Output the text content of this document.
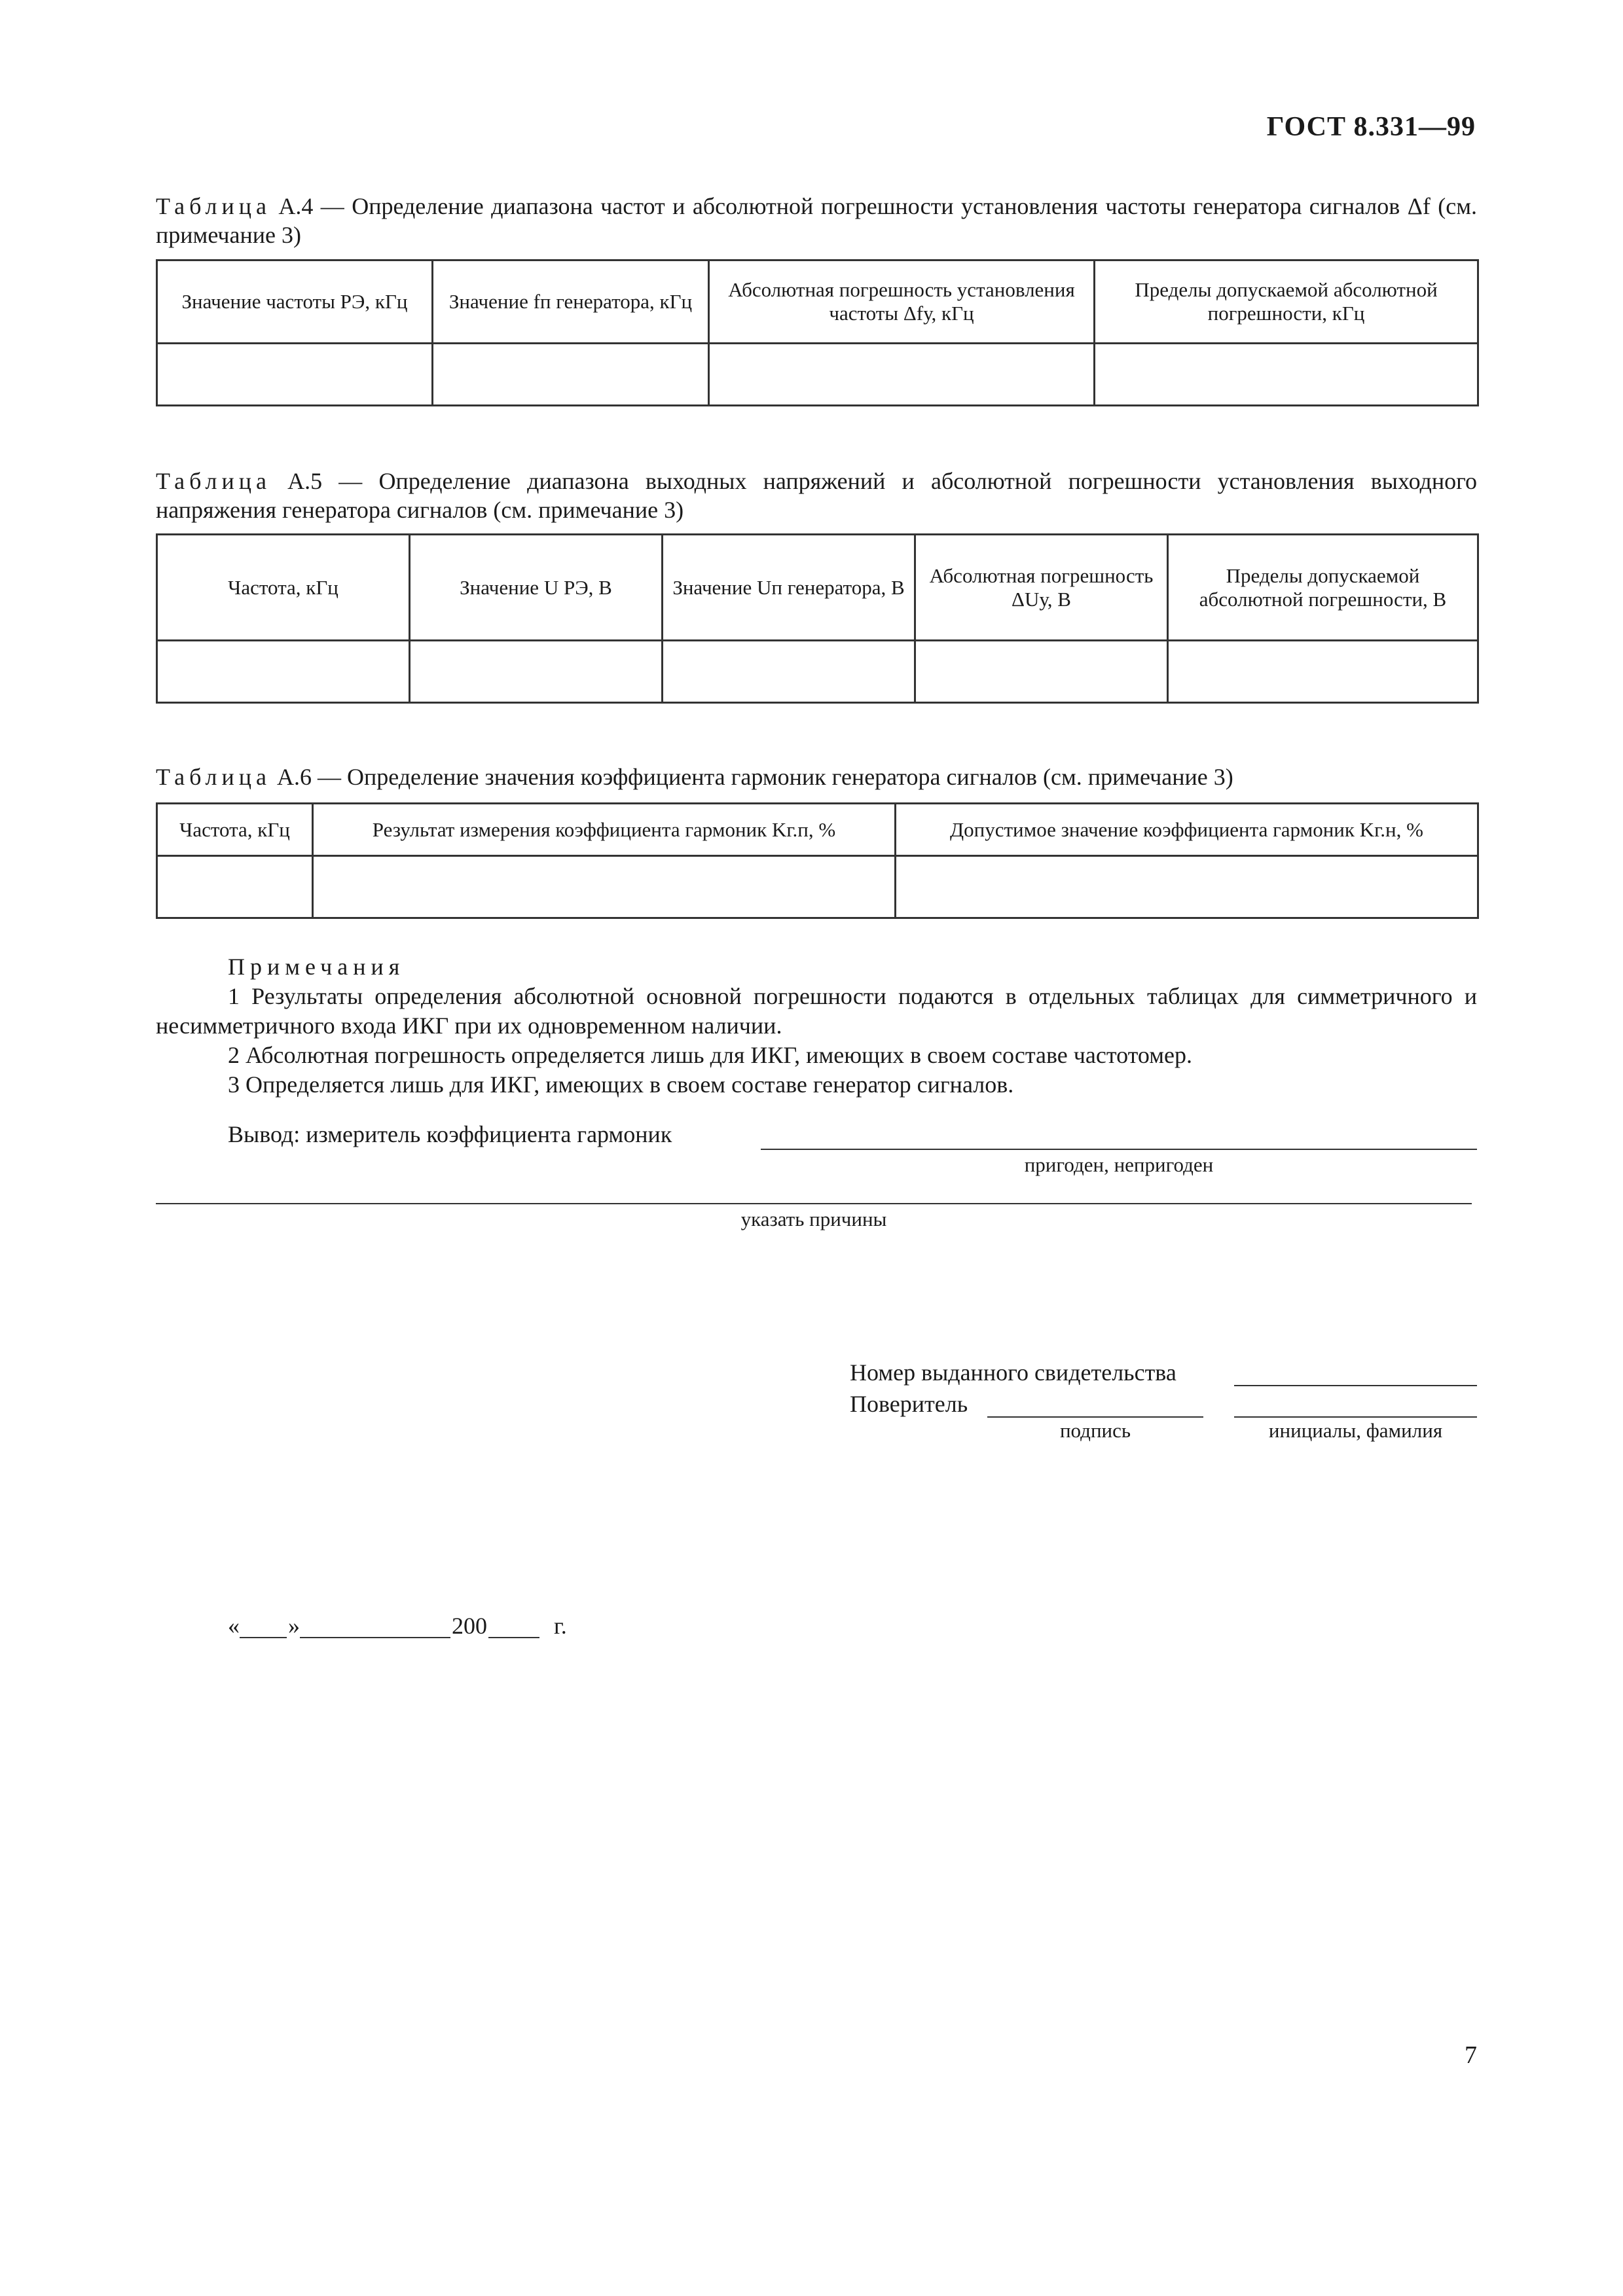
ГОСТ 8.331—99
Таблица А.4 — Определение диапазона частот и абсолютной погрешности установления частоты генератора сигналов Δf (см. примечание 3)
Значение частоты РЭ, кГц	Значение fп генератора, кГц	Абсолютная погрешность установления частоты Δfу, кГц	Пределы допускаемой абсолютной погрешности, кГц

Таблица А.5 — Определение диапазона выходных напряжений и абсолютной погрешности установления выходного напряжения генератора сигналов (см. примечание 3)
Частота, кГц	Значение U РЭ, В	Значение Uп генератора, В	Абсолютная погрешность ΔUу, В	Пределы допускаемой абсолютной погрешности, В

Таблица А.6 — Определение значения коэффициента гармоник генератора сигналов (см. примечание 3)
Частота, кГц	Результат измерения коэффициента гармоник Kг.п, %	Допустимое значение коэффициента гармоник Kг.н, %

Примечания

1 Результаты определения абсолютной основной погрешности подаются в отдельных таблицах для симметричного и несимметричного входа ИКГ при их одновременном наличии.

2 Абсолютная погрешность определяется лишь для ИКГ, имеющих в своем составе частотомер.

3 Определяется лишь для ИКГ, имеющих в своем составе генератор сигналов.

Вывод: измеритель коэффициента гармоник
пригоден, непригоден
указать причины
Номер выданного свидетельства
Поверитель
подпись	инициалы, фамилия
« »	200	г.
7
